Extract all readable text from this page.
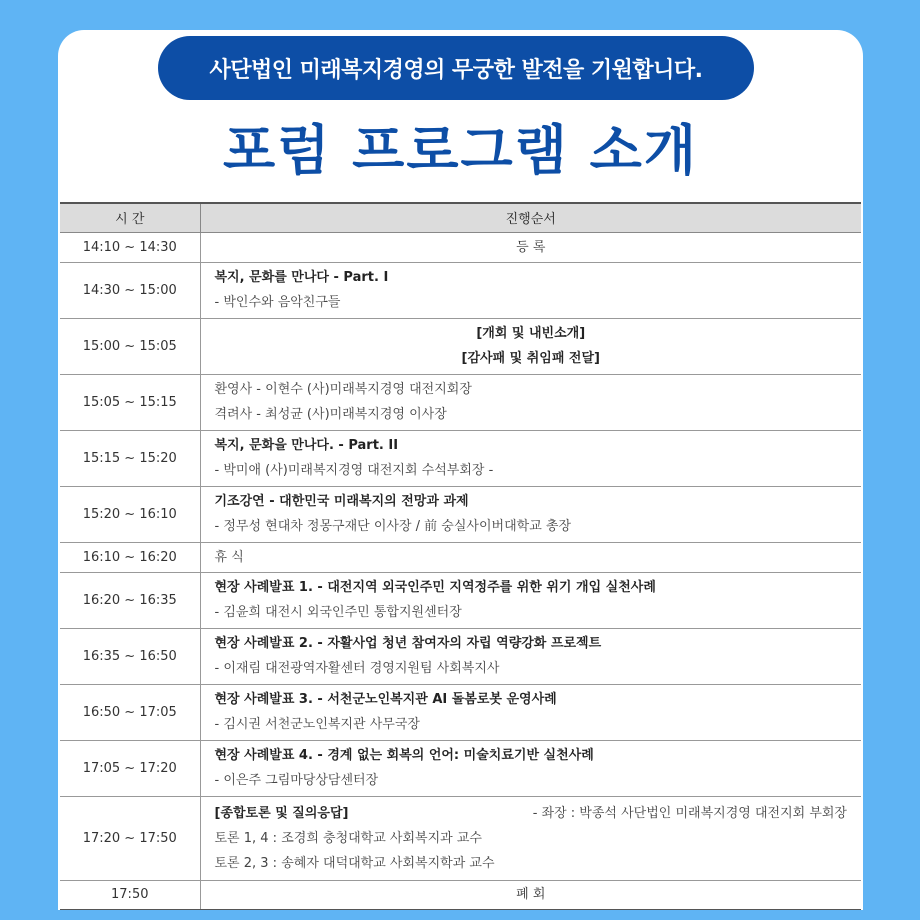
사단법인 미래복지경영의 무궁한 발전을 기원합니다.
포럼 프로그램 소개
시 간	진행순서
14:10 ~ 14:30	등 록

14:30 ~ 15:00	복지, 문화를 만나다 - Part. I
- 박인수와 음악친구들

15:00 ~ 15:05	[개회 및 내빈소개]
[감사패 및 취임패 전달]

15:05 ~ 15:15	환영사 - 이현수 (사)미래복지경영 대전지회장
격려사 - 최성균 (사)미래복지경영 이사장

15:15 ~ 15:20	복지, 문화을 만나다. - Part. II
- 박미애 (사)미래복지경영 대전지회 수석부회장 -

15:20 ~ 16:10	기조강연 - 대한민국 미래복지의 전망과 과제
- 정무성 현대차 정몽구재단 이사장 / 前 숭실사이버대학교 총장

16:10 ~ 16:20	휴 식

16:20 ~ 16:35	현장 사례발표 1. - 대전지역 외국인주민 지역정주를 위한 위기 개입 실천사례
- 김윤희 대전시 외국인주민 통합지원센터장

16:35 ~ 16:50	현장 사례발표 2. - 자활사업 청년 참여자의 자립 역량강화 프로젝트
- 이재림 대전광역자활센터 경영지원팀 사회복지사

16:50 ~ 17:05	현장 사례발표 3. - 서천군노인복지관 AI 돌봄로봇 운영사례
- 김시권 서천군노인복지관 사무국장

17:05 ~ 17:20	현장 사례발표 4. - 경계 없는 회복의 언어: 미술치료기반 실천사례
- 이은주 그림마당상담센터장

17:20 ~ 17:50	[종합토론 및 질의응답] - 좌장 : 박종석 사단법인 미래복지경영 대전지회 부회장
토론 1, 4 : 조경희 충청대학교 사회복지과 교수
토론 2, 3 : 송혜자 대덕대학교 사회복지학과 교수

17:50	폐 회
